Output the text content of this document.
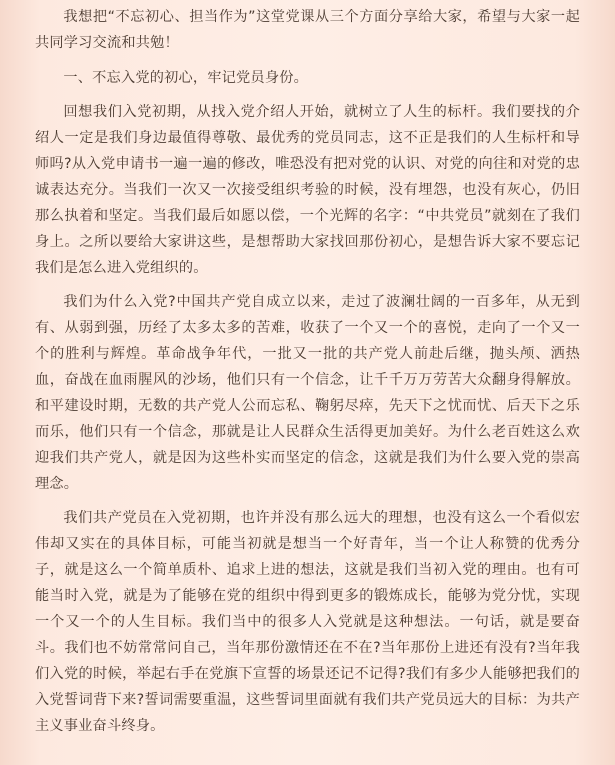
我想把“不忘初心、担当作为”这堂党课从三个方面分享给大家，希望与大家一起共同学习交流和共勉！

一、不忘入党的初心，牢记党员身份。

回想我们入党初期，从找入党介绍人开始，就树立了人生的标杆。我们要找的介绍人一定是我们身边最值得尊敬、最优秀的党员同志，这不正是我们的人生标杆和导师吗?从入党申请书一遍一遍的修改，唯恐没有把对党的认识、对党的向往和对党的忠诚表达充分。当我们一次又一次接受组织考验的时候，没有埋怨，也没有灰心，仍旧那么执着和坚定。当我们最后如愿以偿，一个光辉的名字：“中共党员”就刻在了我们身上。之所以要给大家讲这些，是想帮助大家找回那份初心，是想告诉大家不要忘记我们是怎么进入党组织的。

我们为什么入党?中国共产党自成立以来，走过了波澜壮阔的一百多年，从无到有、从弱到强，历经了太多太多的苦难，收获了一个又一个的喜悦，走向了一个又一个的胜利与辉煌。革命战争年代，一批又一批的共产党人前赴后继，抛头颅、洒热血，奋战在血雨腥风的沙场，他们只有一个信念，让千千万万劳苦大众翻身得解放。和平建设时期，无数的共产党人公而忘私、鞠躬尽瘁，先天下之忧而忧、后天下之乐而乐，他们只有一个信念，那就是让人民群众生活得更加美好。为什么老百姓这么欢迎我们共产党人，就是因为这些朴实而坚定的信念，这就是我们为什么要入党的崇高理念。

我们共产党员在入党初期，也许并没有那么远大的理想，也没有这么一个看似宏伟却又实在的具体目标，可能当初就是想当一个好青年，当一个让人称赞的优秀分子，就是这么一个简单质朴、追求上进的想法，这就是我们当初入党的理由。也有可能当时入党，就是为了能够在党的组织中得到更多的锻炼成长，能够为党分忧，实现一个又一个的人生目标。我们当中的很多人入党就是这种想法。一句话，就是要奋斗。我们也不妨常常问自己，当年那份激情还在不在?当年那份上进还有没有?当年我们入党的时候，举起右手在党旗下宣誓的场景还记不记得?我们有多少人能够把我们的入党誓词背下来?誓词需要重温，这些誓词里面就有我们共产党员远大的目标：为共产主义事业奋斗终身。
